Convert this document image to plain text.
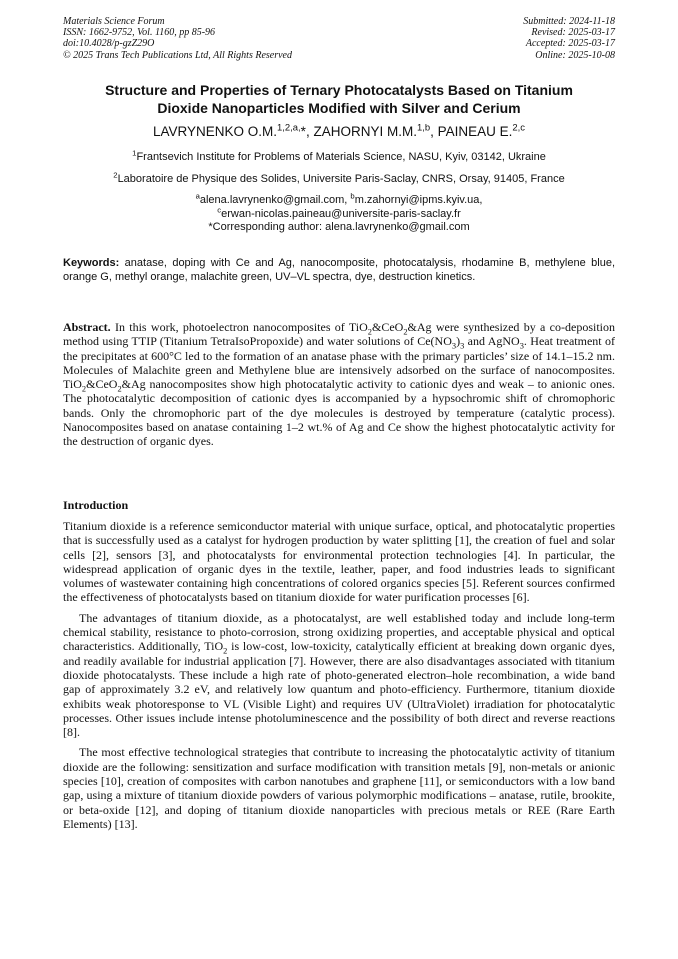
Materials Science Forum
ISSN: 1662-9752, Vol. 1160, pp 85-96
doi:10.4028/p-gzZ29O
© 2025 Trans Tech Publications Ltd, All Rights Reserved
Submitted: 2024-11-18
Revised: 2025-03-17
Accepted: 2025-03-17
Online: 2025-10-08
Structure and Properties of Ternary Photocatalysts Based on Titanium
Dioxide Nanoparticles Modified with Silver and Cerium
LAVRYNENKO O.M.$^{1,2,a,}$*, ZAHORNYI M.M.$^{1,b}$, PAINEAU E.$^{2,c}$
$^1$Frantsevich Institute for Problems of Materials Science, NASU, Kyiv, 03142, Ukraine
$^2$Laboratoire de Physique des Solides, Universite Paris-Saclay, CNRS, Orsay, 91405, France
$^a$alena.lavrynenko@gmail.com, $^b$m.zahornyi@ipms.kyiv.ua,
$^c$erwan-nicolas.paineau@universite-paris-saclay.fr
*Corresponding author: alena.lavrynenko@gmail.com
Keywords: anatase, doping with Ce and Ag, nanocomposite, photocatalysis, rhodamine B, methylene blue, orange G, methyl orange, malachite green, UV–VL spectra, dye, destruction kinetics.
Abstract. In this work, photoelectron nanocomposites of TiO$_2$&CeO$_2$&Ag were synthesized by a co-deposition method using TTIP (Titanium TetraIsoPropoxide) and water solutions of $Ce(NO_3)_3$ and AgNO$_3$. Heat treatment of the precipitates at 600°C led to the formation of an anatase phase with the primary particles’ size of 14.1–15.2 nm. Molecules of Malachite green and Methylene blue are intensively adsorbed on the surface of nanocomposites. TiO$_2$&CeO$_2$&Ag nanocomposites show high photocatalytic activity to cationic dyes and weak – to anionic ones. The photocatalytic decomposition of cationic dyes is accompanied by a hypsochromic shift of chromophoric bands. Only the chromophoric part of the dye molecules is destroyed by temperature (catalytic process). Nanocomposites based on anatase containing 1–2 wt.% of Ag and Ce show the highest photocatalytic activity for the destruction of organic dyes.
Introduction

Titanium dioxide is a reference semiconductor material with unique surface, optical, and photocatalytic properties that is successfully used as a catalyst for hydrogen production by water splitting [1], the creation of fuel and solar cells [2], sensors [3], and photocatalysts for environmental protection technologies [4]. In particular, the widespread application of organic dyes in the textile, leather, paper, and food industries leads to significant volumes of wastewater containing high concentrations of colored organics species [5]. Referent sources confirmed the effectiveness of photocatalysts based on titanium dioxide for water purification processes [6].

The advantages of titanium dioxide, as a photocatalyst, are well established today and include long-term chemical stability, resistance to photo-corrosion, strong oxidizing properties, and acceptable physical and optical characteristics. Additionally, TiO$_2$ is low-cost, low-toxicity, catalytically efficient at breaking down organic dyes, and readily available for industrial application [7]. However, there are also disadvantages associated with titanium dioxide photocatalysts. These include a high rate of photo-generated electron–hole recombination, a wide band gap of approximately 3.2 eV, and relatively low quantum and photo-efficiency. Furthermore, titanium dioxide exhibits weak photoresponse to VL (Visible Light) and requires UV (UltraViolet) irradiation for photocatalytic processes. Other issues include intense photoluminescence and the possibility of both direct and reverse reactions [8].

The most effective technological strategies that contribute to increasing the photocatalytic activity of titanium dioxide are the following: sensitization and surface modification with transition metals [9], non-metals or anionic species [10], creation of composites with carbon nanotubes and graphene [11], or semiconductors with a low band gap, using a mixture of titanium dioxide powders of various polymorphic modifications – anatase, rutile, brookite, or beta-oxide [12], and doping of titanium dioxide nanoparticles with precious metals or REE (Rare Earth Elements) [13].
